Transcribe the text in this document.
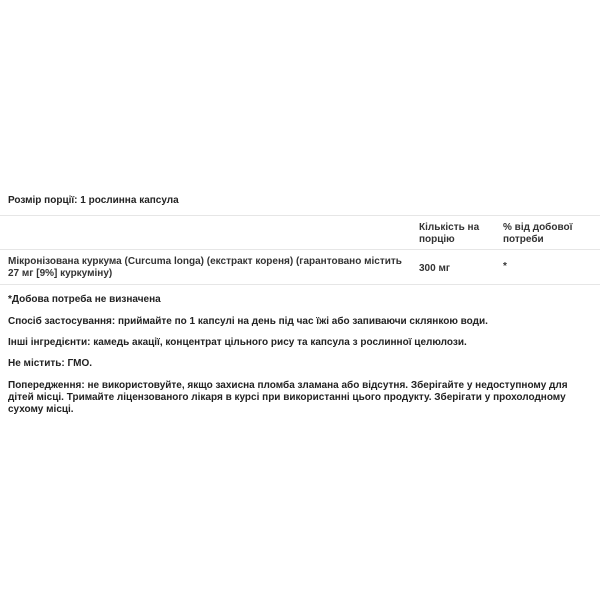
Розмір порції: 1 рослинна капсула
Кількість на порцію
% від добової потреби
Мікронізована куркума (Curcuma longa) (екстракт кореня) (гарантовано містить 27 мг [9%] куркуміну)	300 мг	*
*Добова потреба не визначена
Спосіб застосування: приймайте по 1 капсулі на день під час їжі або запиваючи склянкою води.
Інші інгредієнти: камедь акації, концентрат цільного рису та капсула з рослинної целюлози.
Не містить: ГМО.
Попередження: не використовуйте, якщо захисна пломба зламана або відсутня. Зберігайте у недоступному для дітей місці. Тримайте ліцензованого лікаря в курсі при використанні цього продукту. Зберігати у прохолодному сухому місці.
